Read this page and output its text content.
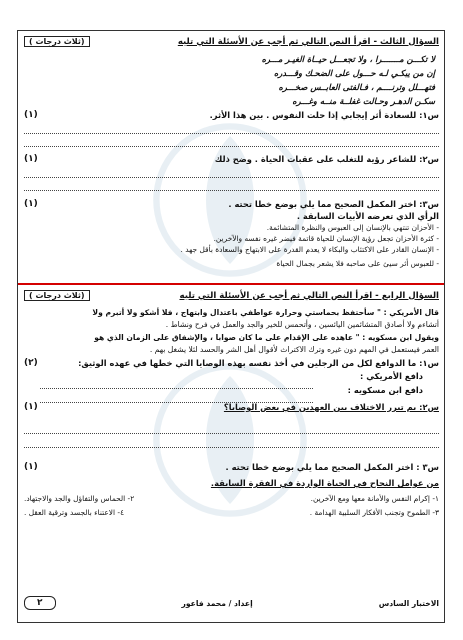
السؤال الثالث - اقرأ النص التالي ثم أجب عن الأسئلة التي تليه
(ثلاث درجات )
لا تكـــن مـــــــرا ، ولا تجعـــل حيــاة الغيـر مـــره
إن من يبكـي لـه حـــول على الضحـك وقـــدره
فتهـــلل وترنــــم ، فـالفتى العابــس صخـــره
سكـن الدهـر وحـالت غفلــة منــه وغـــره
س١: للسعادة أثر إيجابي إذا حلت النفوس . بين هذا الأثر.
(١)
س٢: للشاعر رؤية للتغلب على عقبات الحياة . وضح ذلك
(١)
س٣: اختر المكمل الصحيح مما يلي بوضع خطا تحته .
(١)
الرأي الذي تعرضه الأبيات السابقة .
- الأحزان تنتهي بالإنسان إلى العبوس والنظرة المتشائمة.
- كثرة الأحزان تجعل رؤية الإنسان للحياة قاتمة فيضر غيره نفسه والآخرين.
- الإنسان القادر على الاكتئاب والبكاء لا يعدم القدرة على الابتهاج والسعادة بأقل جهد .
- للعبوس أثر سيئ على صاحبه فلا يشعر بجمال الحياة
السؤال الرابع - اقرأ النص التالي ثم أجب عن الأسئلة التي تليه
(ثلاث درجات )
قال الأمريكي : " سأحتفظ بحماستي وحرارة عواطفي باعتدال وابتهاج ، فلا أشكو ولا أتبرم ولا
أتشاءم ولا أصادق المتشائمين اليائسين ، وأتحمس للخير والجد والعمل في فرح ونشاط .
ويقول ابن مسكويه : " عاهده على الإقدام على ما كان صوابا ، والإشفاق على الزمان الذي هو
العمر فيستعمل في المهم دون غيره وترك الاكتراث لأقوال أهل الشر والحسد لئلا يشغل بهم .
س١: ما الدوافع لكل من الرجلين في أخذ نفسه بهذه الوصايا التي خطها في عهده الوثيق:
(٢)
دافع الأمريكي :
دافع ابن مسكويه :
س٢: بم تبرر الاختلاف بين العهدين في بعض الوصايا؟
(١)
س٣ : اختر المكمل الصحيح مما يلي بوضع خطا تحته .
(١)
من عوامل النجاح في الحياة الواردة في الفقرة السابقة.
١- إكرام النفس والأمانة معها ومع الآخرين.
٢- الحماس والتفاؤل والجد والاجتهاد.
٣- الطموح وتجنب الأفكار السلبية الهدامة .
٤- الاعتناء بالجسد وترقية العقل .
الاختبار السادس
إعداد / محمد فاعور
٢
